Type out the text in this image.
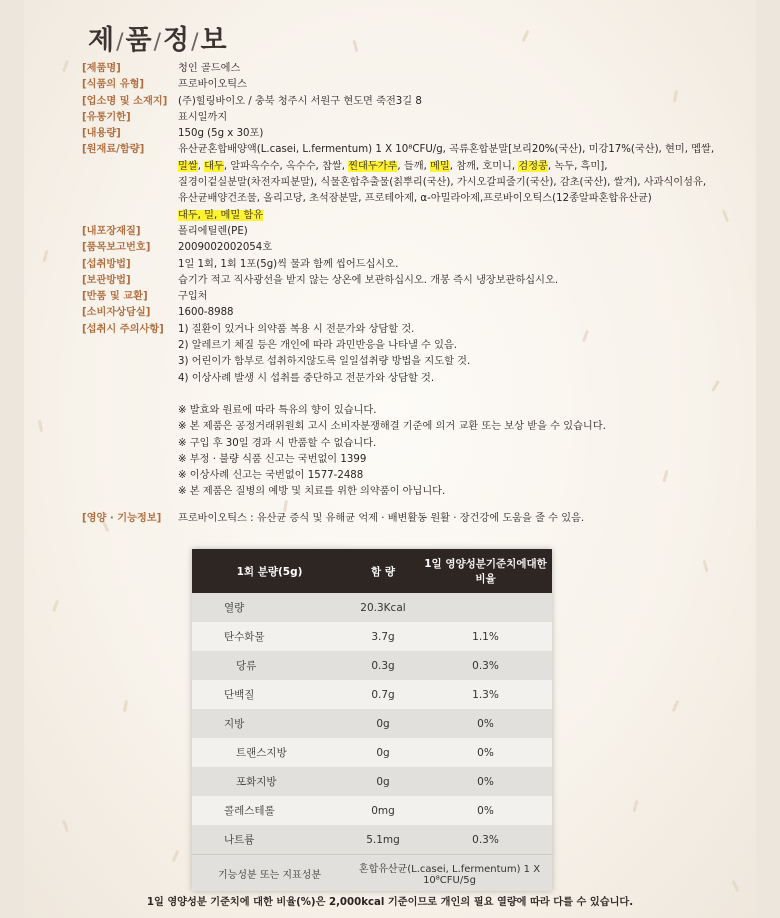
제/품/정/보
[제품명]	청인 골드에스
[식품의 유형]	프로바이오틱스
[업소명 및 소재지]	(주)힐링바이오 / 충북 청주시 서원구 현도면 죽전3길 8
[유통기한]	표시일까지
[내용량]	150g (5g x 30포)
[원재료/함량]	유산균혼합배양액(L.casei, L.fermentum) 1 X 10⁸CFU/g, 곡류혼합분말[보리20%(국산), 미강17%(국산), 현미, 멥쌀,
밀쌀, 대두, 알파옥수수, 옥수수, 찹쌀, 찐대두가루, 들깨, 메밀, 참깨, 호미니, 검정콩, 녹두, 흑미],
질경이겉실분말(차전자피분말), 식물혼합추출물(칡뿌리(국산), 가시오갈피줄기(국산), 감초(국산), 쌀겨), 사과식이섬유,
유산균배양건조물, 올리고당, 초석잠분말, 프로테아제, α-아밀라아제,프로바이오틱스(12종알파혼합유산균)
대두, 밀, 메밀 함유
[내포장재질]	폴리에틸렌(PE)
[품목보고번호]	2009002002054호
[섭취방법]	1일 1회, 1회 1포(5g)씩 물과 함께 씹어드십시오.
[보관방법]	습기가 적고 직사광선을 받지 않는 상온에 보관하십시오. 개봉 즉시 냉장보관하십시오.
[반품 및 교환]	구입처
[소비자상담실]	1600-8988
[섭취시 주의사항]	1) 질환이 있거나 의약품 복용 시 전문가와 상담할 것.
2) 알레르기 체질 등은 개인에 따라 과민반응을 나타낼 수 있음.
3) 어린이가 함부로 섭취하지않도록 일일섭취량 방법을 지도할 것.
4) 이상사례 발생 시 섭취를 중단하고 전문가와 상담할 것.
※ 발효와 원료에 따라 특유의 향이 있습니다.
※ 본 제품은 공정거래위원회 고시 소비자분쟁해결 기준에 의거 교환 또는 보상 받을 수 있습니다.
※ 구입 후 30일 경과 시 반품할 수 없습니다.
※ 부정 · 불량 식품 신고는 국번없이 1399
※ 이상사례 신고는 국번없이 1577-2488
※ 본 제품은 질병의 예방 및 치료를 위한 의약품이 아닙니다.
[영양 · 기능정보]	프로바이오틱스 : 유산균 증식 및 유해균 억제 · 배변활동 원활 · 장건강에 도움을 줄 수 있음.
1회 분량(5g)	함 량	1일 영양성분기준치에대한 비율
열량	20.3Kcal	
탄수화물	3.7g	1.1%
당류	0.3g	0.3%
단백질	0.7g	1.3%
지방	0g	0%
트랜스지방	0g	0%
포화지방	0g	0%
콜레스테롤	0mg	0%
나트륨	5.1mg	0.3%
기능성분 또는 지표성분	혼합유산균(L.casei, L.fermentum) 1 X 10⁸CFU/5g	
1일 영양성분 기준치에 대한 비율(%)은 2,000kcal 기준이므로 개인의 필요 열량에 따라 다를 수 있습니다.
